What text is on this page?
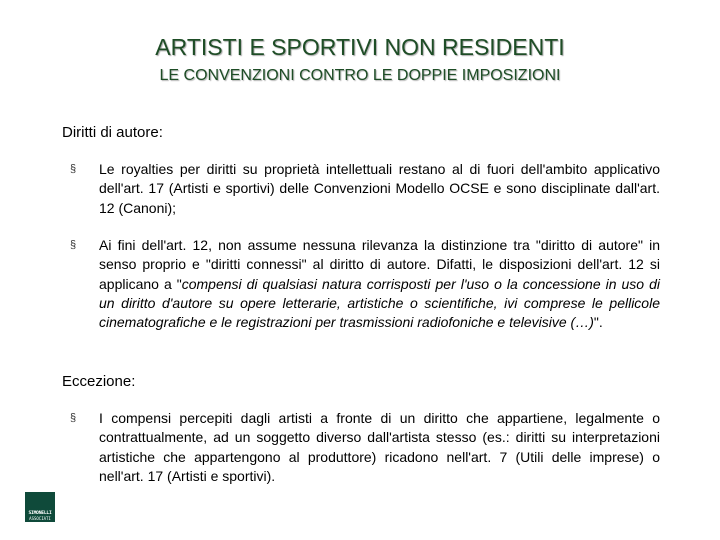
ARTISTI E SPORTIVI NON RESIDENTI
LE CONVENZIONI CONTRO LE DOPPIE IMPOSIZIONI
Diritti di autore:
§ Le royalties per diritti su proprietà intellettuali restano al di fuori dell'ambito applicativo dell'art. 17 (Artisti e sportivi) delle Convenzioni Modello OCSE e sono disciplinate dall'art. 12 (Canoni);
§ Ai fini dell'art. 12, non assume nessuna rilevanza la distinzione tra "diritto di autore" in senso proprio e "diritti connessi" al diritto di autore. Difatti, le disposizioni dell'art. 12 si applicano a "compensi di qualsiasi natura corrisposti per l'uso o la concessione in uso di un diritto d'autore su opere letterarie, artistiche o scientifiche, ivi comprese le pellicole cinematografiche e le registrazioni per trasmissioni radiofoniche e televisive (…)".
Eccezione:
§ I compensi percepiti dagli artisti a fronte di un diritto che appartiene, legalmente o contrattualmente, ad un soggetto diverso dall'artista stesso (es.: diritti su interpretazioni artistiche che appartengono al produttore) ricadono nell'art. 7 (Utili delle imprese) o nell'art. 17 (Artisti e sportivi).
SIMONELLI
ASSOCIATI
